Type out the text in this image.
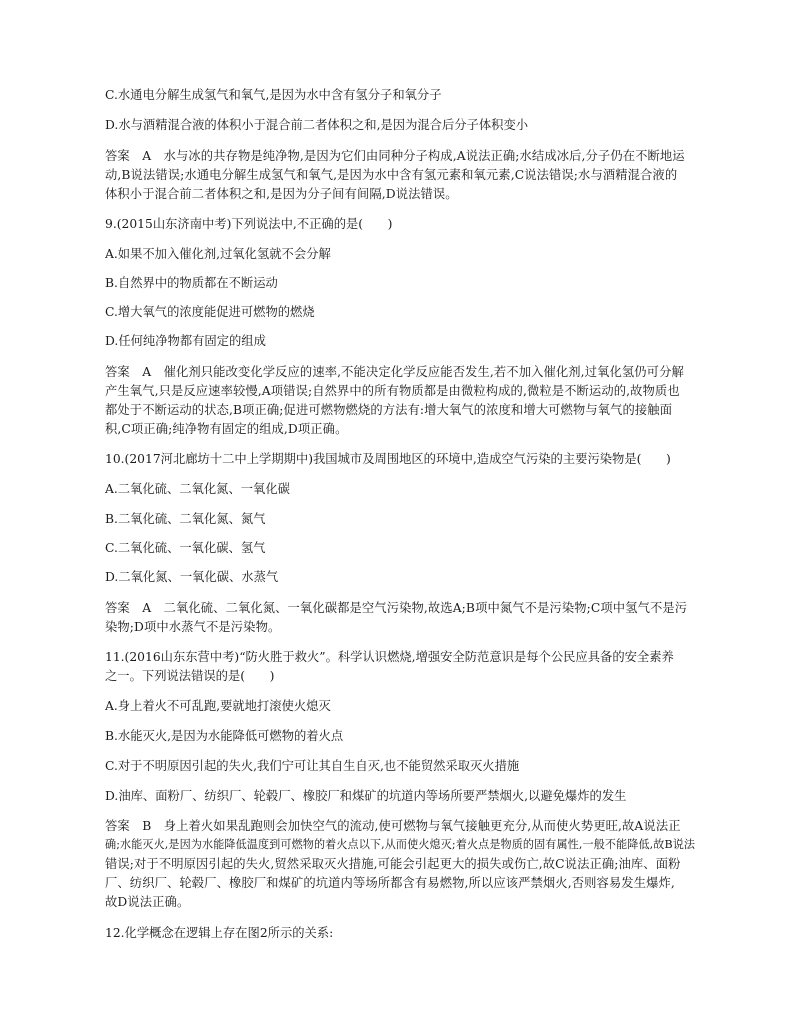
C.水通电分解生成氢气和氧气,是因为水中含有氢分子和氧分子
D.水与酒精混合液的体积小于混合前二者体积之和,是因为混合后分子体积变小
答案　A　水与冰的共存物是纯净物,是因为它们由同种分子构成,A说法正确;水结成冰后,分子仍在不断地运
动,B说法错误;水通电分解生成氢气和氧气,是因为水中含有氢元素和氧元素,C说法错误;水与酒精混合液的
体积小于混合前二者体积之和,是因为分子间有间隔,D说法错误。
9.(2015山东济南中考)下列说法中,不正确的是(　　)
A.如果不加入催化剂,过氧化氢就不会分解
B.自然界中的物质都在不断运动
C.增大氧气的浓度能促进可燃物的燃烧
D.任何纯净物都有固定的组成
答案　A　催化剂只能改变化学反应的速率,不能决定化学反应能否发生,若不加入催化剂,过氧化氢仍可分解
产生氧气,只是反应速率较慢,A项错误;自然界中的所有物质都是由微粒构成的,微粒是不断运动的,故物质也
都处于不断运动的状态,B项正确;促进可燃物燃烧的方法有:增大氧气的浓度和增大可燃物与氧气的接触面
积,C项正确;纯净物有固定的组成,D项正确。
10.(2017河北廊坊十二中上学期期中)我国城市及周围地区的环境中,造成空气污染的主要污染物是(　　)
A.二氧化硫、二氧化氮、一氧化碳
B.二氧化硫、二氧化氮、氮气
C.二氧化硫、一氧化碳、氢气
D.二氧化氮、一氧化碳、水蒸气
答案　A　二氧化硫、二氧化氮、一氧化碳都是空气污染物,故选A;B项中氮气不是污染物;C项中氢气不是污
染物;D项中水蒸气不是污染物。
11.(2016山东东营中考)“防火胜于救火”。科学认识燃烧,增强安全防范意识是每个公民应具备的安全素养
之一。下列说法错误的是(　　)
A.身上着火不可乱跑,要就地打滚使火熄灭
B.水能灭火,是因为水能降低可燃物的着火点
C.对于不明原因引起的失火,我们宁可让其自生自灭,也不能贸然采取灭火措施
D.油库、面粉厂、纺织厂、轮毂厂、橡胶厂和煤矿的坑道内等场所要严禁烟火,以避免爆炸的发生
答案　B　身上着火如果乱跑则会加快空气的流动,使可燃物与氧气接触更充分,从而使火势更旺,故A说法正
确;水能灭火,是因为水能降低温度到可燃物的着火点以下,从而使火熄灭;着火点是物质的固有属性,一般不能降低,故B说法
错误;对于不明原因引起的失火,贸然采取灭火措施,可能会引起更大的损失或伤亡,故C说法正确;油库、面粉
厂、纺织厂、轮毂厂、橡胶厂和煤矿的坑道内等场所都含有易燃物,所以应该严禁烟火,否则容易发生爆炸,
故D说法正确。
12.化学概念在逻辑上存在图2所示的关系:
